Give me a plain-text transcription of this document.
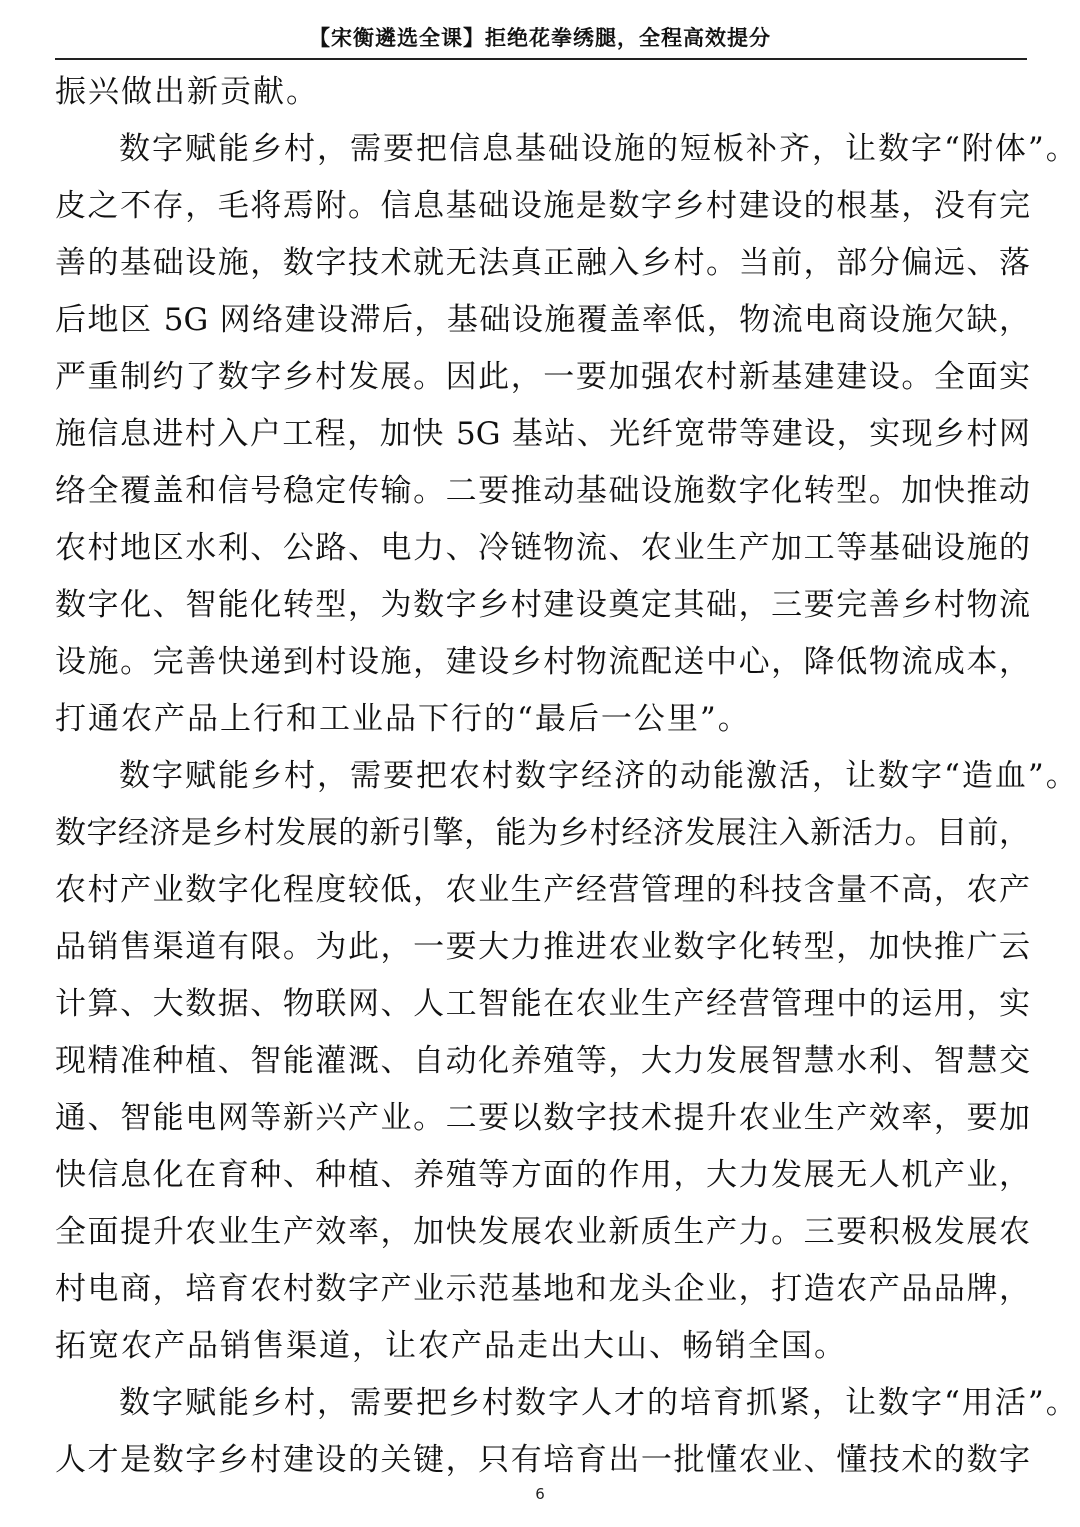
【宋衡遴选全课】拒绝花拳绣腿，全程高效提分
振兴做出新贡献。
数字赋能乡村，需要把信息基础设施的短板补齐，让数字“附体”。
皮之不存，毛将焉附。信息基础设施是数字乡村建设的根基，没有完
善的基础设施，数字技术就无法真正融入乡村。当前，部分偏远、落
后地区 5G 网络建设滞后，基础设施覆盖率低，物流电商设施欠缺，
严重制约了数字乡村发展。因此，一要加强农村新基建建设。全面实
施信息进村入户工程，加快 5G 基站、光纤宽带等建设，实现乡村网
络全覆盖和信号稳定传输。二要推动基础设施数字化转型。加快推动
农村地区水利、公路、电力、冷链物流、农业生产加工等基础设施的
数字化、智能化转型，为数字乡村建设奠定其础，三要完善乡村物流
设施。完善快递到村设施，建设乡村物流配送中心，降低物流成本，
打通农产品上行和工业品下行的“最后一公里”。
数字赋能乡村，需要把农村数字经济的动能激活，让数字“造血”。
数字经济是乡村发展的新引擎，能为乡村经济发展注入新活力。目前，
农村产业数字化程度较低，农业生产经营管理的科技含量不高，农产
品销售渠道有限。为此，一要大力推进农业数字化转型，加快推广云
计算、大数据、物联网、人工智能在农业生产经营管理中的运用，实
现精准种植、智能灌溉、自动化养殖等，大力发展智慧水利、智慧交
通、智能电网等新兴产业。二要以数字技术提升农业生产效率，要加
快信息化在育种、种植、养殖等方面的作用，大力发展无人机产业，
全面提升农业生产效率，加快发展农业新质生产力。三要积极发展农
村电商，培育农村数字产业示范基地和龙头企业，打造农产品品牌，
拓宽农产品销售渠道，让农产品走出大山、畅销全国。
数字赋能乡村，需要把乡村数字人才的培育抓紧，让数字“用活”。
人才是数字乡村建设的关键，只有培育出一批懂农业、懂技术的数字
6
